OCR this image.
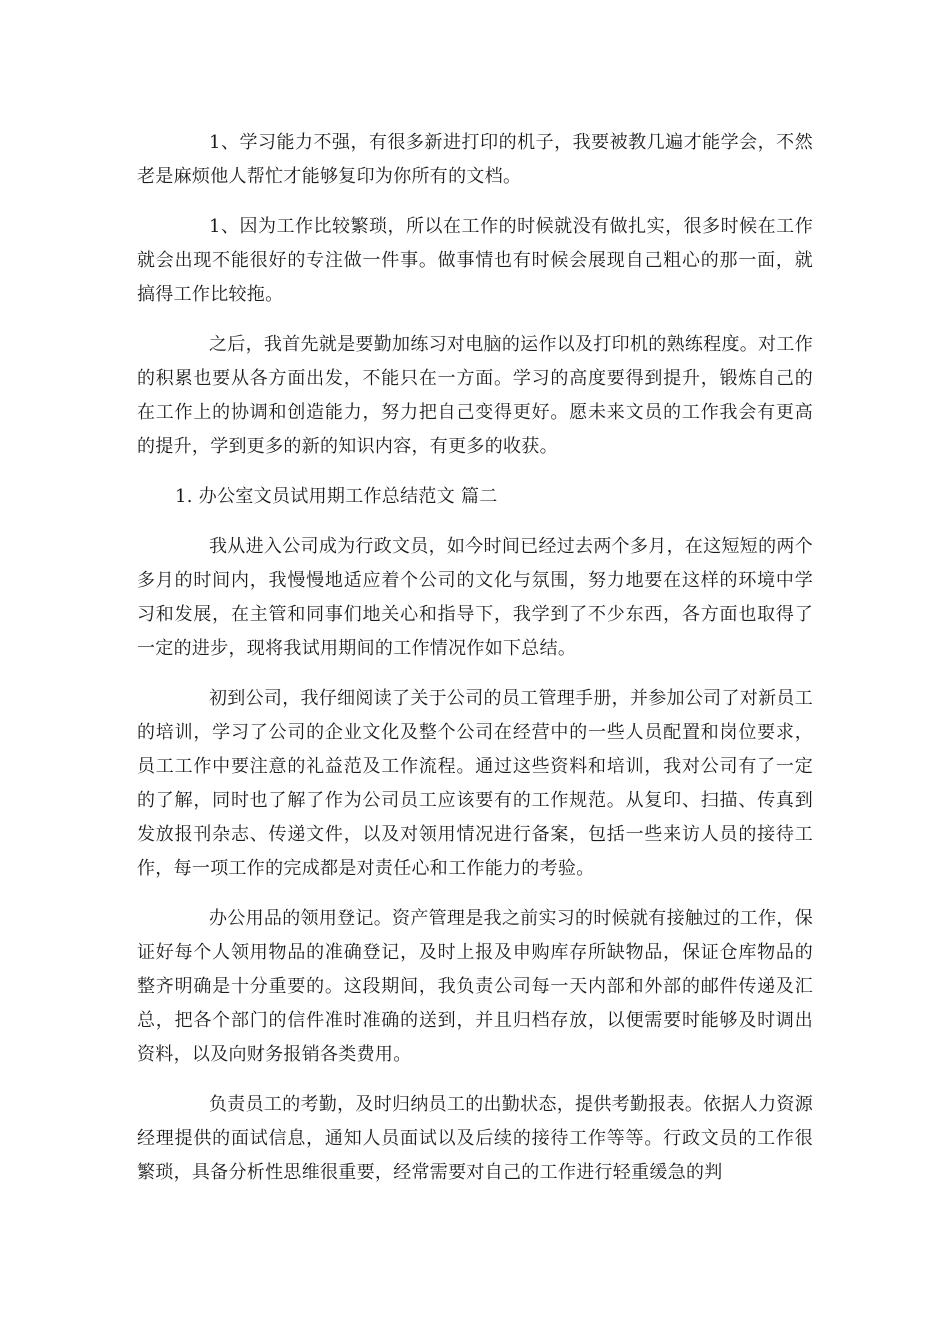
1、学习能力不强，有很多新进打印的机子，我要被教几遍才能学会，不然老是麻烦他人帮忙才能够复印为你所有的文档。

1、因为工作比较繁琐，所以在工作的时候就没有做扎实，很多时候在工作就会出现不能很好的专注做一件事。做事情也有时候会展现自己粗心的那一面，就搞得工作比较拖。

之后，我首先就是要勤加练习对电脑的运作以及打印机的熟练程度。对工作的积累也要从各方面出发，不能只在一方面。学习的高度要得到提升，锻炼自己的在工作上的协调和创造能力，努力把自己变得更好。愿未来文员的工作我会有更高的提升，学到更多的新的知识内容，有更多的收获。

1. 办公室文员试用期工作总结范文 篇二

我从进入公司成为行政文员，如今时间已经过去两个多月，在这短短的两个多月的时间内，我慢慢地适应着个公司的文化与氛围，努力地要在这样的环境中学习和发展，在主管和同事们地关心和指导下，我学到了不少东西，各方面也取得了一定的进步，现将我试用期间的工作情况作如下总结。

初到公司，我仔细阅读了关于公司的员工管理手册，并参加公司了对新员工的培训，学习了公司的企业文化及整个公司在经营中的一些人员配置和岗位要求，员工工作中要注意的礼益范及工作流程。通过这些资料和培训，我对公司有了一定的了解，同时也了解了作为公司员工应该要有的工作规范。从复印、扫描、传真到发放报刊杂志、传递文件，以及对领用情况进行备案，包括一些来访人员的接待工作，每一项工作的完成都是对责任心和工作能力的考验。

办公用品的领用登记。资产管理是我之前实习的时候就有接触过的工作，保证好每个人领用物品的准确登记，及时上报及申购库存所缺物品，保证仓库物品的整齐明确是十分重要的。这段期间，我负责公司每一天内部和外部的邮件传递及汇总，把各个部门的信件准时准确的送到，并且归档存放，以便需要时能够及时调出资料，以及向财务报销各类费用。

负责员工的考勤，及时归纳员工的出勤状态，提供考勤报表。依据人力资源经理提供的面试信息，通知人员面试以及后续的接待工作等等。行政文员的工作很繁琐，具备分析性思维很重要，经常需要对自己的工作进行轻重缓急的判
